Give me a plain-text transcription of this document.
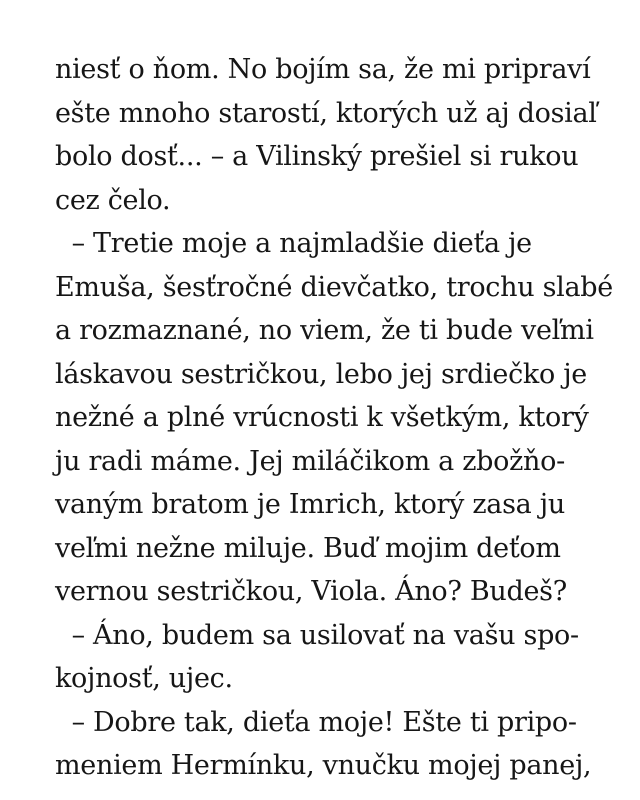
niesť o ňom. No bojím sa, že mi pripraví
ešte mnoho starostí, ktorých už aj dosiaľ
bolo dosť... – a Vilinský prešiel si rukou
cez čelo.
– Tretie moje a najmladšie dieťa je
Emuša, šesťročné dievčatko, trochu slabé
a rozmaznané, no viem, že ti bude veľmi
láskavou sestričkou, lebo jej srdiečko je
nežné a plné vrúcnosti k všetkým, ktorý
ju radi máme. Jej miláčikom a zbožňo-
vaným bratom je Imrich, ktorý zasa ju
veľmi nežne miluje. Buď mojim deťom
vernou sestričkou, Viola. Áno? Budeš?
– Áno, budem sa usilovať na vašu spo-
kojnosť, ujec.
– Dobre tak, dieťa moje! Ešte ti pripo-
meniem Hermínku, vnučku mojej panej,
